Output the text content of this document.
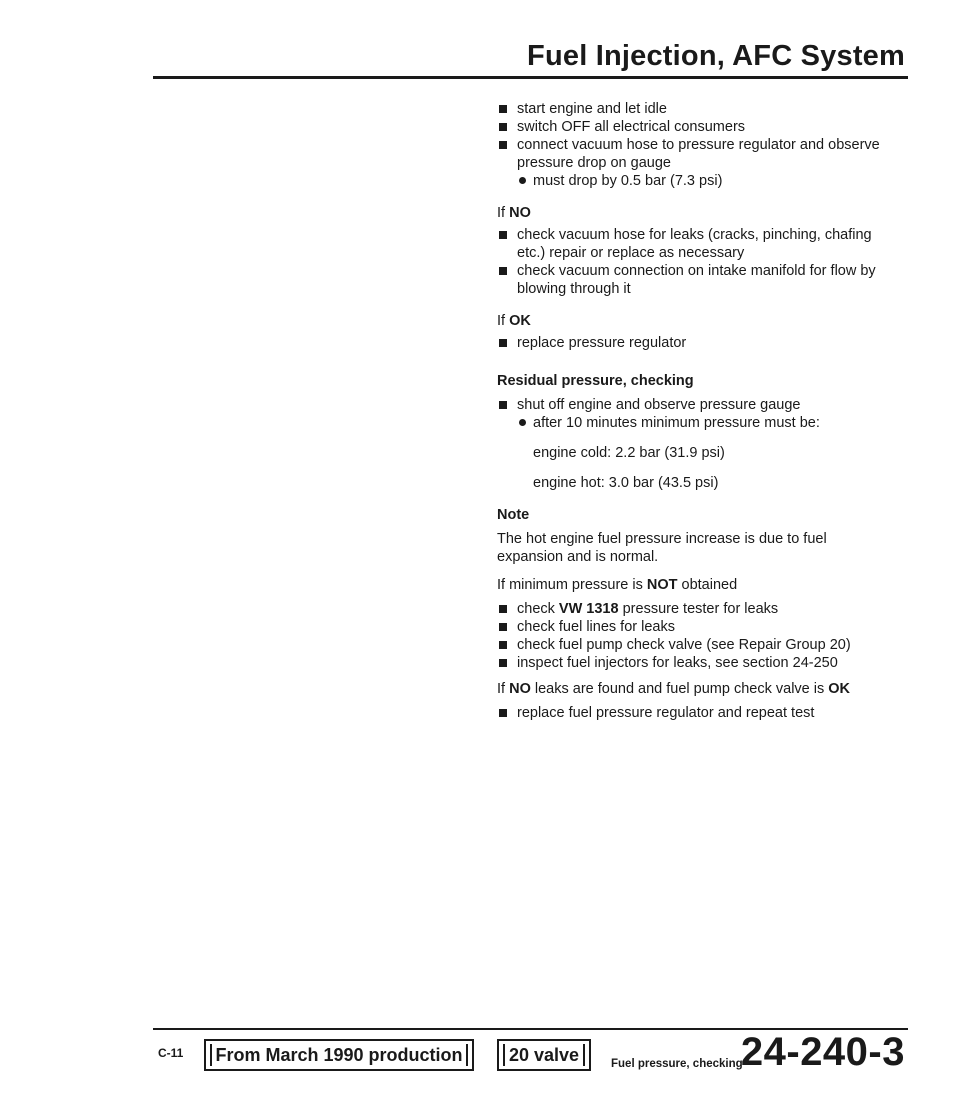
Fuel Injection, AFC System
start engine and let idle
switch OFF all electrical consumers
connect vacuum hose to pressure regulator and observe pressure drop on gauge
must drop by 0.5 bar (7.3 psi)
If NO
check vacuum hose for leaks (cracks, pinching, chafing etc.) repair or replace as necessary
check vacuum connection on intake manifold for flow by blowing through it
If OK
replace pressure regulator
Residual pressure, checking
shut off engine and observe pressure gauge
after 10 minutes minimum pressure must be:
engine cold: 2.2 bar (31.9 psi)
engine hot: 3.0 bar (43.5 psi)
Note
The hot engine fuel pressure increase is due to fuel expansion and is normal.
If minimum pressure is NOT obtained
check VW 1318 pressure tester for leaks
check fuel lines for leaks
check fuel pump check valve (see Repair Group 20)
inspect fuel injectors for leaks, see section 24-250
If NO leaks are found and fuel pump check valve is OK
replace fuel pressure regulator and repeat test
C-11	From March 1990 production	20 valve	Fuel pressure, checking
24-240-3
